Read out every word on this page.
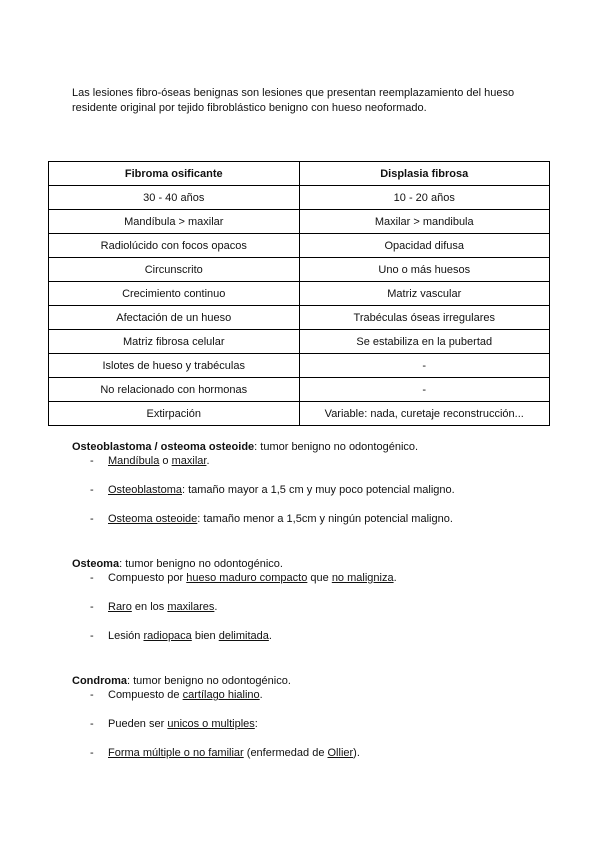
Las lesiones fibro-óseas benignas son lesiones que presentan reemplazamiento del hueso residente original por tejido fibroblástico benigno con hueso neoformado.

Fibroma osificante	Displasia fibrosa
30 - 40 años	10 - 20 años
Mandíbula > maxilar	Maxilar > mandibula
Radiolúcido con focos opacos	Opacidad difusa
Circunscrito	Uno o más huesos
Crecimiento continuo	Matriz vascular
Afectación de un hueso	Trabéculas óseas irregulares
Matriz fibrosa celular	Se estabiliza en la pubertad
Islotes de hueso y trabéculas	-
No relacionado con hormonas	-
Extirpación	Variable: nada, curetaje reconstrucción...

Osteoblastoma / osteoma osteoide: tumor benigno no odontogénico.

- Mandíbula o maxilar.
- Osteoblastoma: tamaño mayor a 1,5 cm y muy poco potencial maligno.
- Osteoma osteoide: tamaño menor a 1,5cm y ningún potencial maligno.

Osteoma: tumor benigno no odontogénico.

- Compuesto por hueso maduro compacto que no maligniza.
- Raro en los maxilares.
- Lesión radiopaca bien delimitada.

Condroma: tumor benigno no odontogénico.

- Compuesto de cartílago hialino.
- Pueden ser unicos o multiples:
- Forma múltiple o no familiar (enfermedad de Ollier).
